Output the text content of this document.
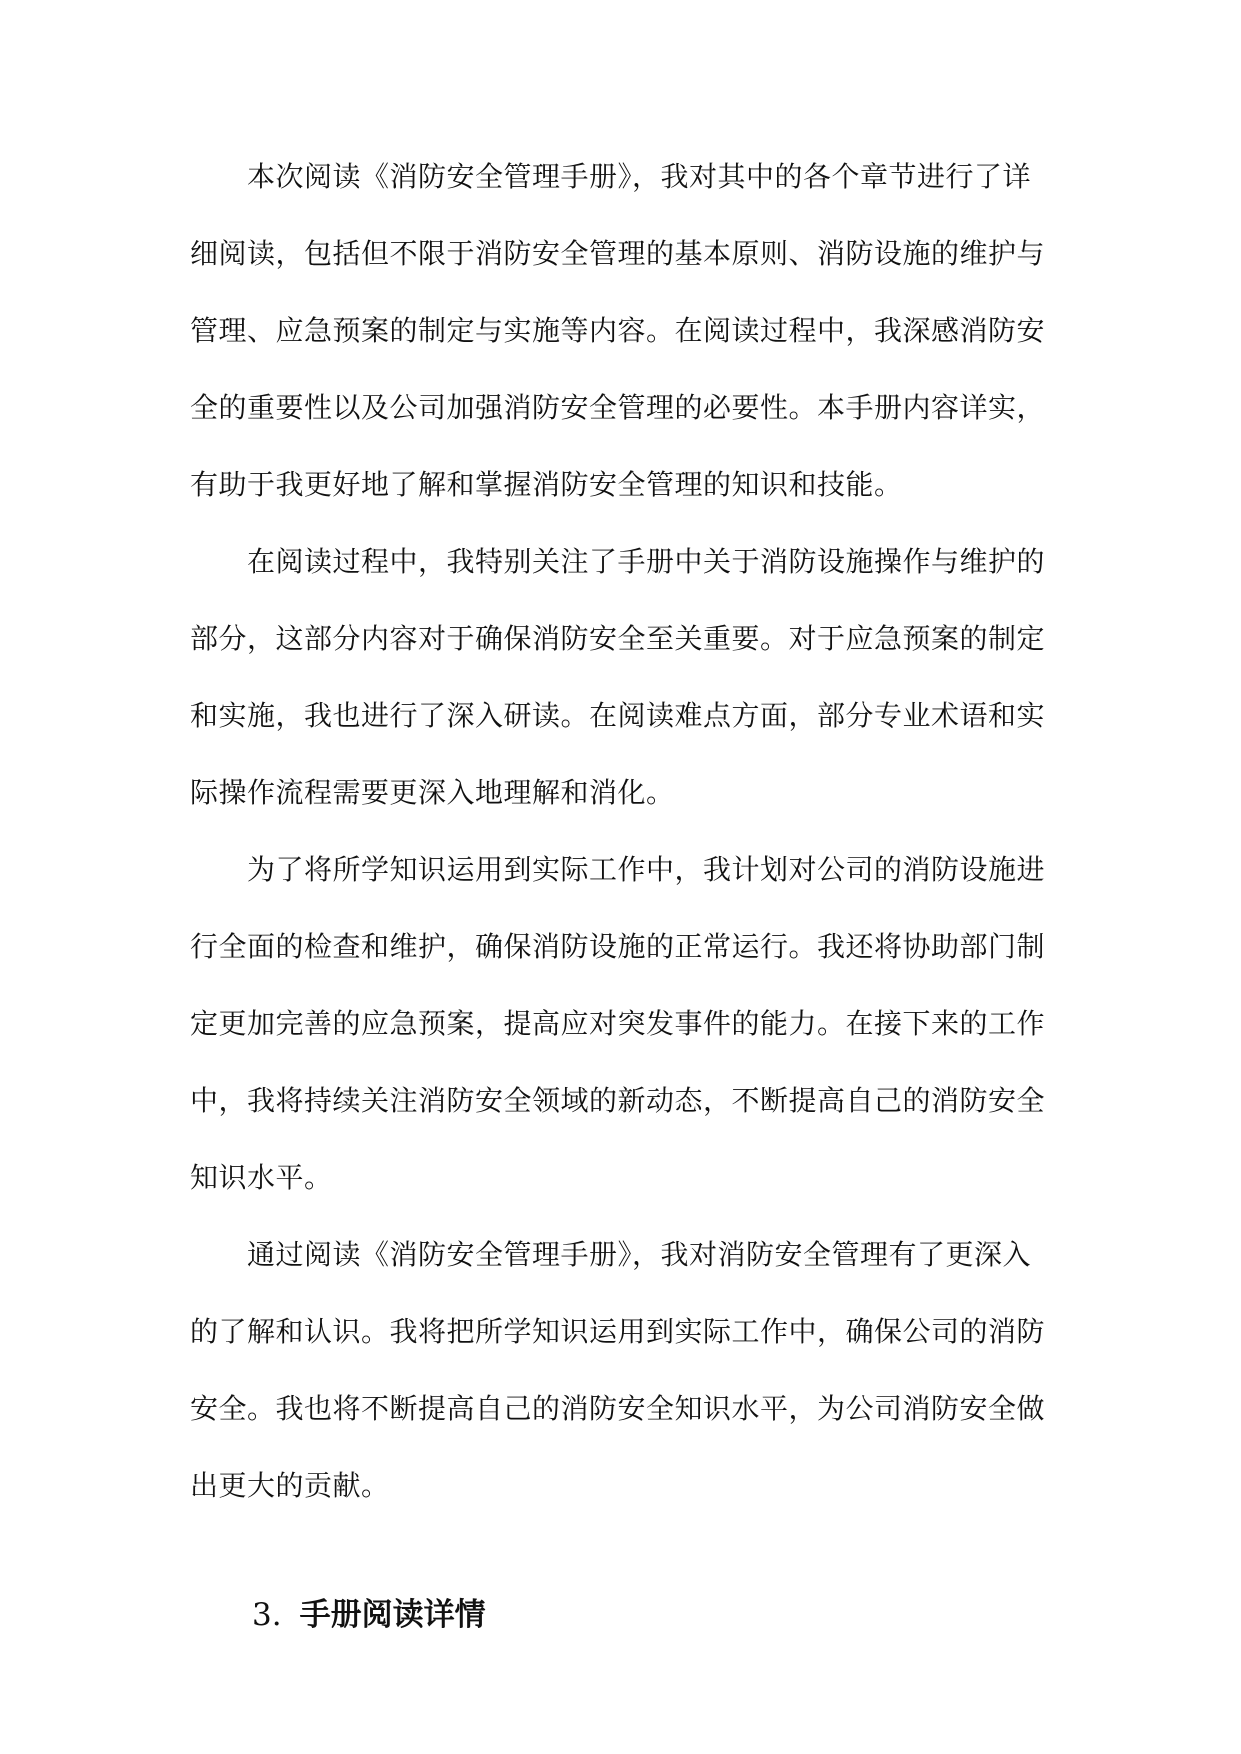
本次阅读《消防安全管理手册》，我对其中的各个章节进行了详
细阅读，包括但不限于消防安全管理的基本原则、消防设施的维护与
管理、应急预案的制定与实施等内容。在阅读过程中，我深感消防安
全的重要性以及公司加强消防安全管理的必要性。本手册内容详实，
有助于我更好地了解和掌握消防安全管理的知识和技能。
在阅读过程中，我特别关注了手册中关于消防设施操作与维护的
部分，这部分内容对于确保消防安全至关重要。对于应急预案的制定
和实施，我也进行了深入研读。在阅读难点方面，部分专业术语和实
际操作流程需要更深入地理解和消化。
为了将所学知识运用到实际工作中，我计划对公司的消防设施进
行全面的检查和维护，确保消防设施的正常运行。我还将协助部门制
定更加完善的应急预案，提高应对突发事件的能力。在接下来的工作
中，我将持续关注消防安全领域的新动态，不断提高自己的消防安全
知识水平。
通过阅读《消防安全管理手册》，我对消防安全管理有了更深入
的了解和认识。我将把所学知识运用到实际工作中，确保公司的消防
安全。我也将不断提高自己的消防安全知识水平，为公司消防安全做
出更大的贡献。
3. 手册阅读详情
